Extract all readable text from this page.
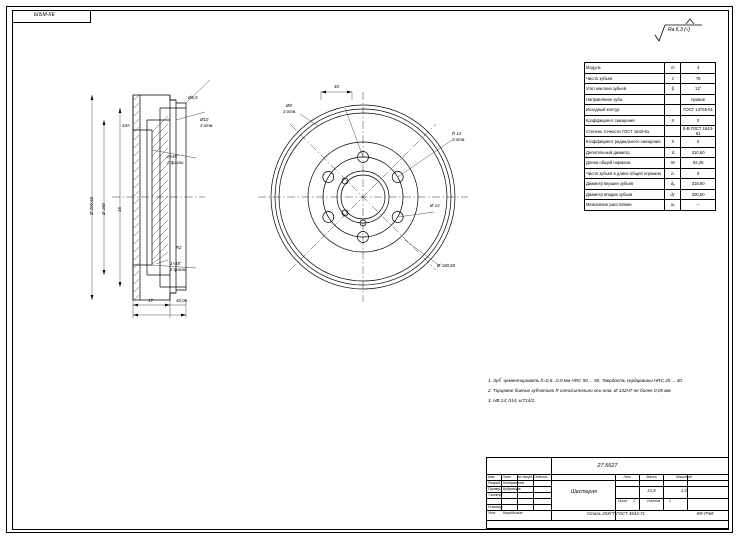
ЫЪМ-ХЕ
Ra 6,3 (√)
Ø 200,60 Ø 160	16
Ø6,5
Ø10
3 отв.
2×45°
2 фаски
R2
1×45°
2 фаски
10A
17	40,06
40
Ø8
3 отв.
R 12
3 отв.
Ø 12
Ø 180,60
Модуль	m	4
Число зубьев	z	76
Угол наклона зубьев	β	12°
Направление зуба		правое
Исходный контур		ГОСТ 13755-81
Коэффициент смещения	X	0
Степень точности ГОСТ 1643-81		8-В ГОСТ 1643-81
Коэффициент радиального смещения	X	0
Делительный диаметр	d	310,60
Длина общей нормали	W	92,25
Число зубьев в длине общей нормали	zₙ	8
Диаметр вершин зубьев	dₐ	318,60
Диаметр впадин зубьев	dƒ	300,60
Межосевое расстояние	aₒ	--
1. Зуб ́ цементировать h=0,6...0,9 мм HRC 50 ... 55. Твердость сердцевины HRC 25 ... 30.
2. Торцевое биение зубчатого R относительно оси отв. Ø 132H7 не более 0,05 мм.
3. HB 24; h14; ±IT14/2.
27.5627
Изм. Лист № докум. Подпись
Разраб. Кондратьев
Провер. Кудрявцев
Т.контр.
Н.контр.
Утв. Коробочкин
Шестерня
Лит.	Масса	Масштаб
21,8	1:2
Лист 1	Листов 1
Сталь 25ХГТ ГОСТ 4543-71	КФ-ПЧИ
